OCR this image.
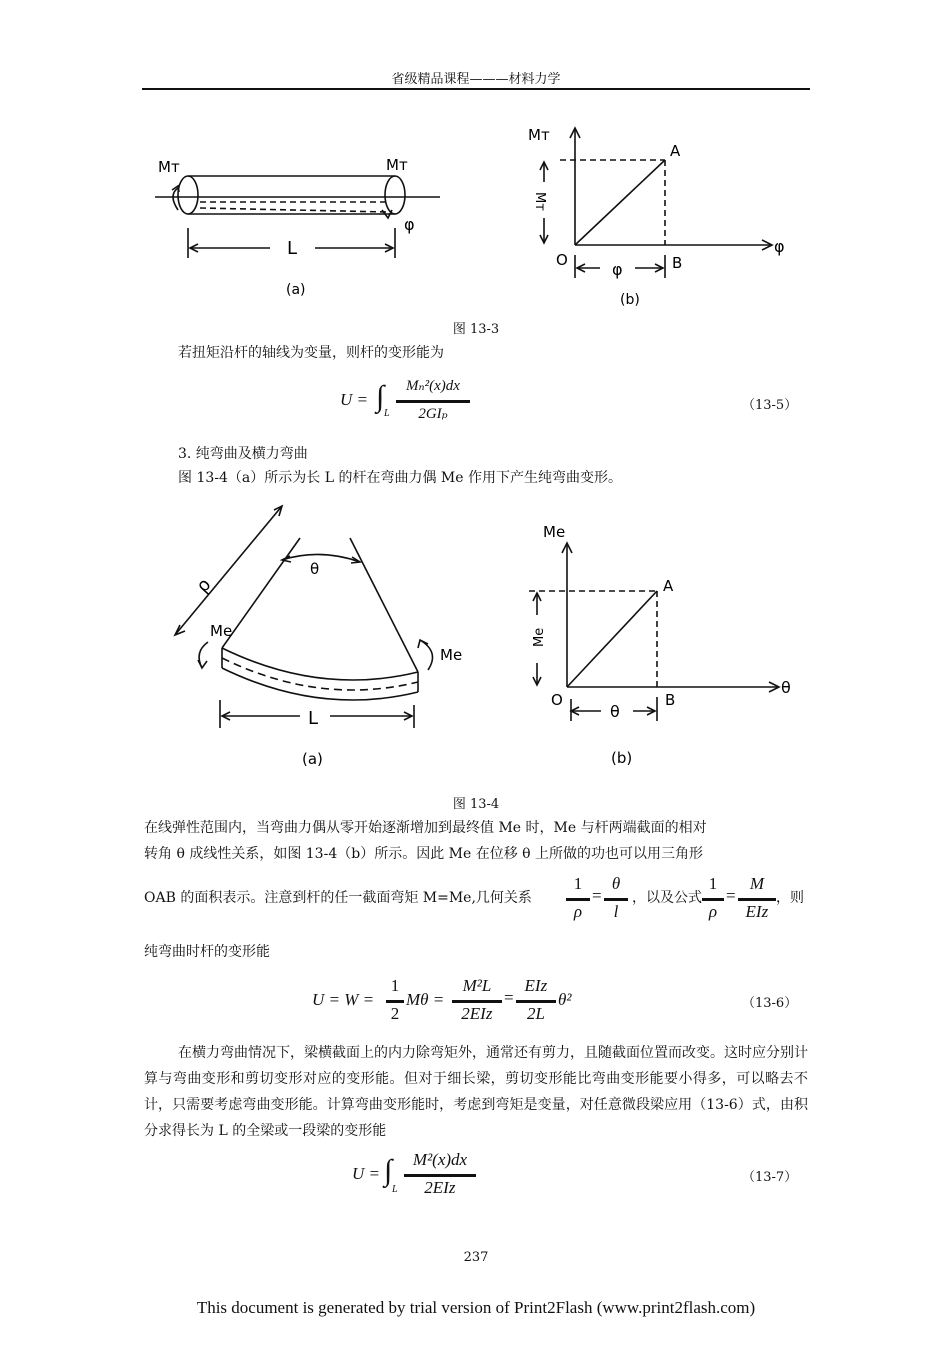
省级精品课程———材料力学
Mᴛ	Mᴛ
φ
L
(a)
Mᴛ
φ
A
B
O
Mᴛ
φ
(b)
图 13-3
若扭矩沿杆的轴线为变量，则杆的变形能为
U = ∫
L
Mₙ²(x)dx
2GIₚ
（13-5）
3. 纯弯曲及横力弯曲
图 13-4（a）所示为长 L 的杆在弯曲力偶 Me 作用下产生纯弯曲变形。
ρ
θ
Me
Me
L
(a)
Me
θ
A
B
O
Me
θ
(b)
图 13-4
在线弹性范围内，当弯曲力偶从零开始逐渐增加到最终值 Me 时，Me 与杆两端截面的相对
转角 θ 成线性关系，如图 13-4（b）所示。因此 Me 在位移 θ 上所做的功也可以用三角形
OAB 的面积表示。注意到杆的任一截面弯矩 M=Me,几何关系
1
ρ
=
θ
l
，以及公式
1
ρ
=
M
EIᴢ
，则
纯弯曲时杆的变形能
U = W =
1
2
Mθ =
M²L
2EIᴢ
=
EIᴢ
2L
θ²	（13-6）
在横力弯曲情况下，梁横截面上的内力除弯矩外，通常还有剪力，且随截面位置而改变。这时应分别计算与弯曲变形和剪切变形对应的变形能。但对于细长梁，剪切变形能比弯曲变形能要小得多，可以略去不计，只需要考虑弯曲变形能。计算弯曲变形能时，考虑到弯矩是变量，对任意微段梁应用（13-6）式，由积分求得长为 L 的全梁或一段梁的变形能
U = ∫
L
M²(x)dx
2EIᴢ
（13-7）
237
This document is generated by trial version of Print2Flash (www.print2flash.com)
